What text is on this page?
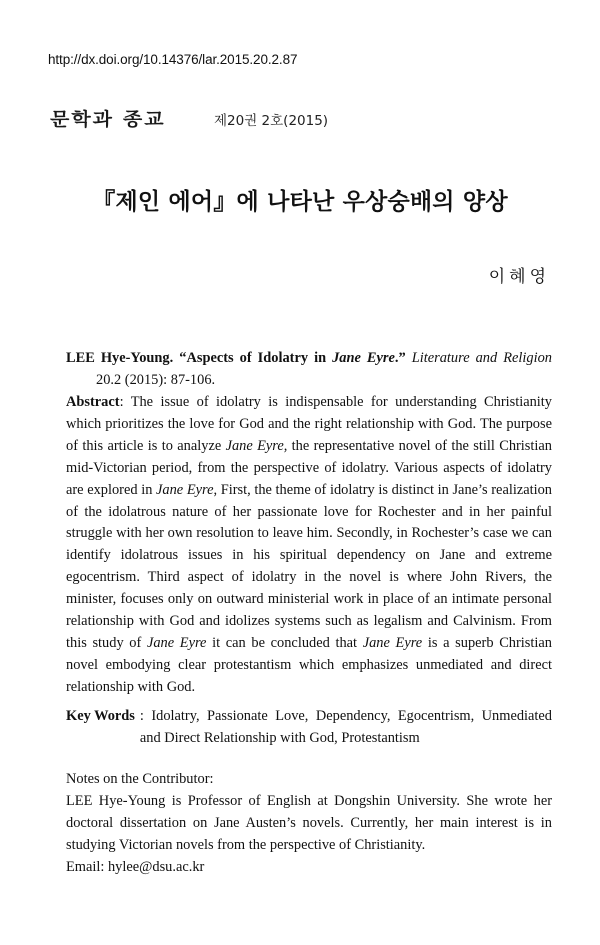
http://dx.doi.org/10.14376/lar.2015.20.2.87
문학과 종교	제20권 2호(2015)
『제인 에어』에 나타난 우상숭배의 양상
이혜영
LEE Hye-Young. “Aspects of Idolatry in Jane Eyre.” Literature and Religion 20.2 (2015): 87-106.
Abstract: The issue of idolatry is indispensable for understanding Christianity which prioritizes the love for God and the right relationship with God. The purpose of this article is to analyze Jane Eyre, the representative novel of the still Christian mid-Victorian period, from the perspective of idolatry. Various aspects of idolatry are explored in Jane Eyre, First, the theme of idolatry is distinct in Jane’s realization of the idolatrous nature of her passionate love for Rochester and in her painful struggle with her own resolution to leave him. Secondly, in Rochester’s case we can identify idolatrous issues in his spiritual dependency on Jane and extreme egocentrism. Third aspect of idolatry in the novel is where John Rivers, the minister, focuses only on outward ministerial work in place of an intimate personal relationship with God and idolizes systems such as legalism and Calvinism. From this study of Jane Eyre it can be concluded that Jane Eyre is a superb Christian novel embodying clear protestantism which emphasizes unmediated and direct relationship with God.
Key Words : Idolatry, Passionate Love, Dependency, Egocentrism, Unmediated and Direct Relationship with God, Protestantism
Notes on the Contributor:
LEE Hye-Young is Professor of English at Dongshin University. She wrote her doctoral dissertation on Jane Austen’s novels. Currently, her main interest is in studying Victorian novels from the perspective of Christianity.
Email: hylee@dsu.ac.kr
